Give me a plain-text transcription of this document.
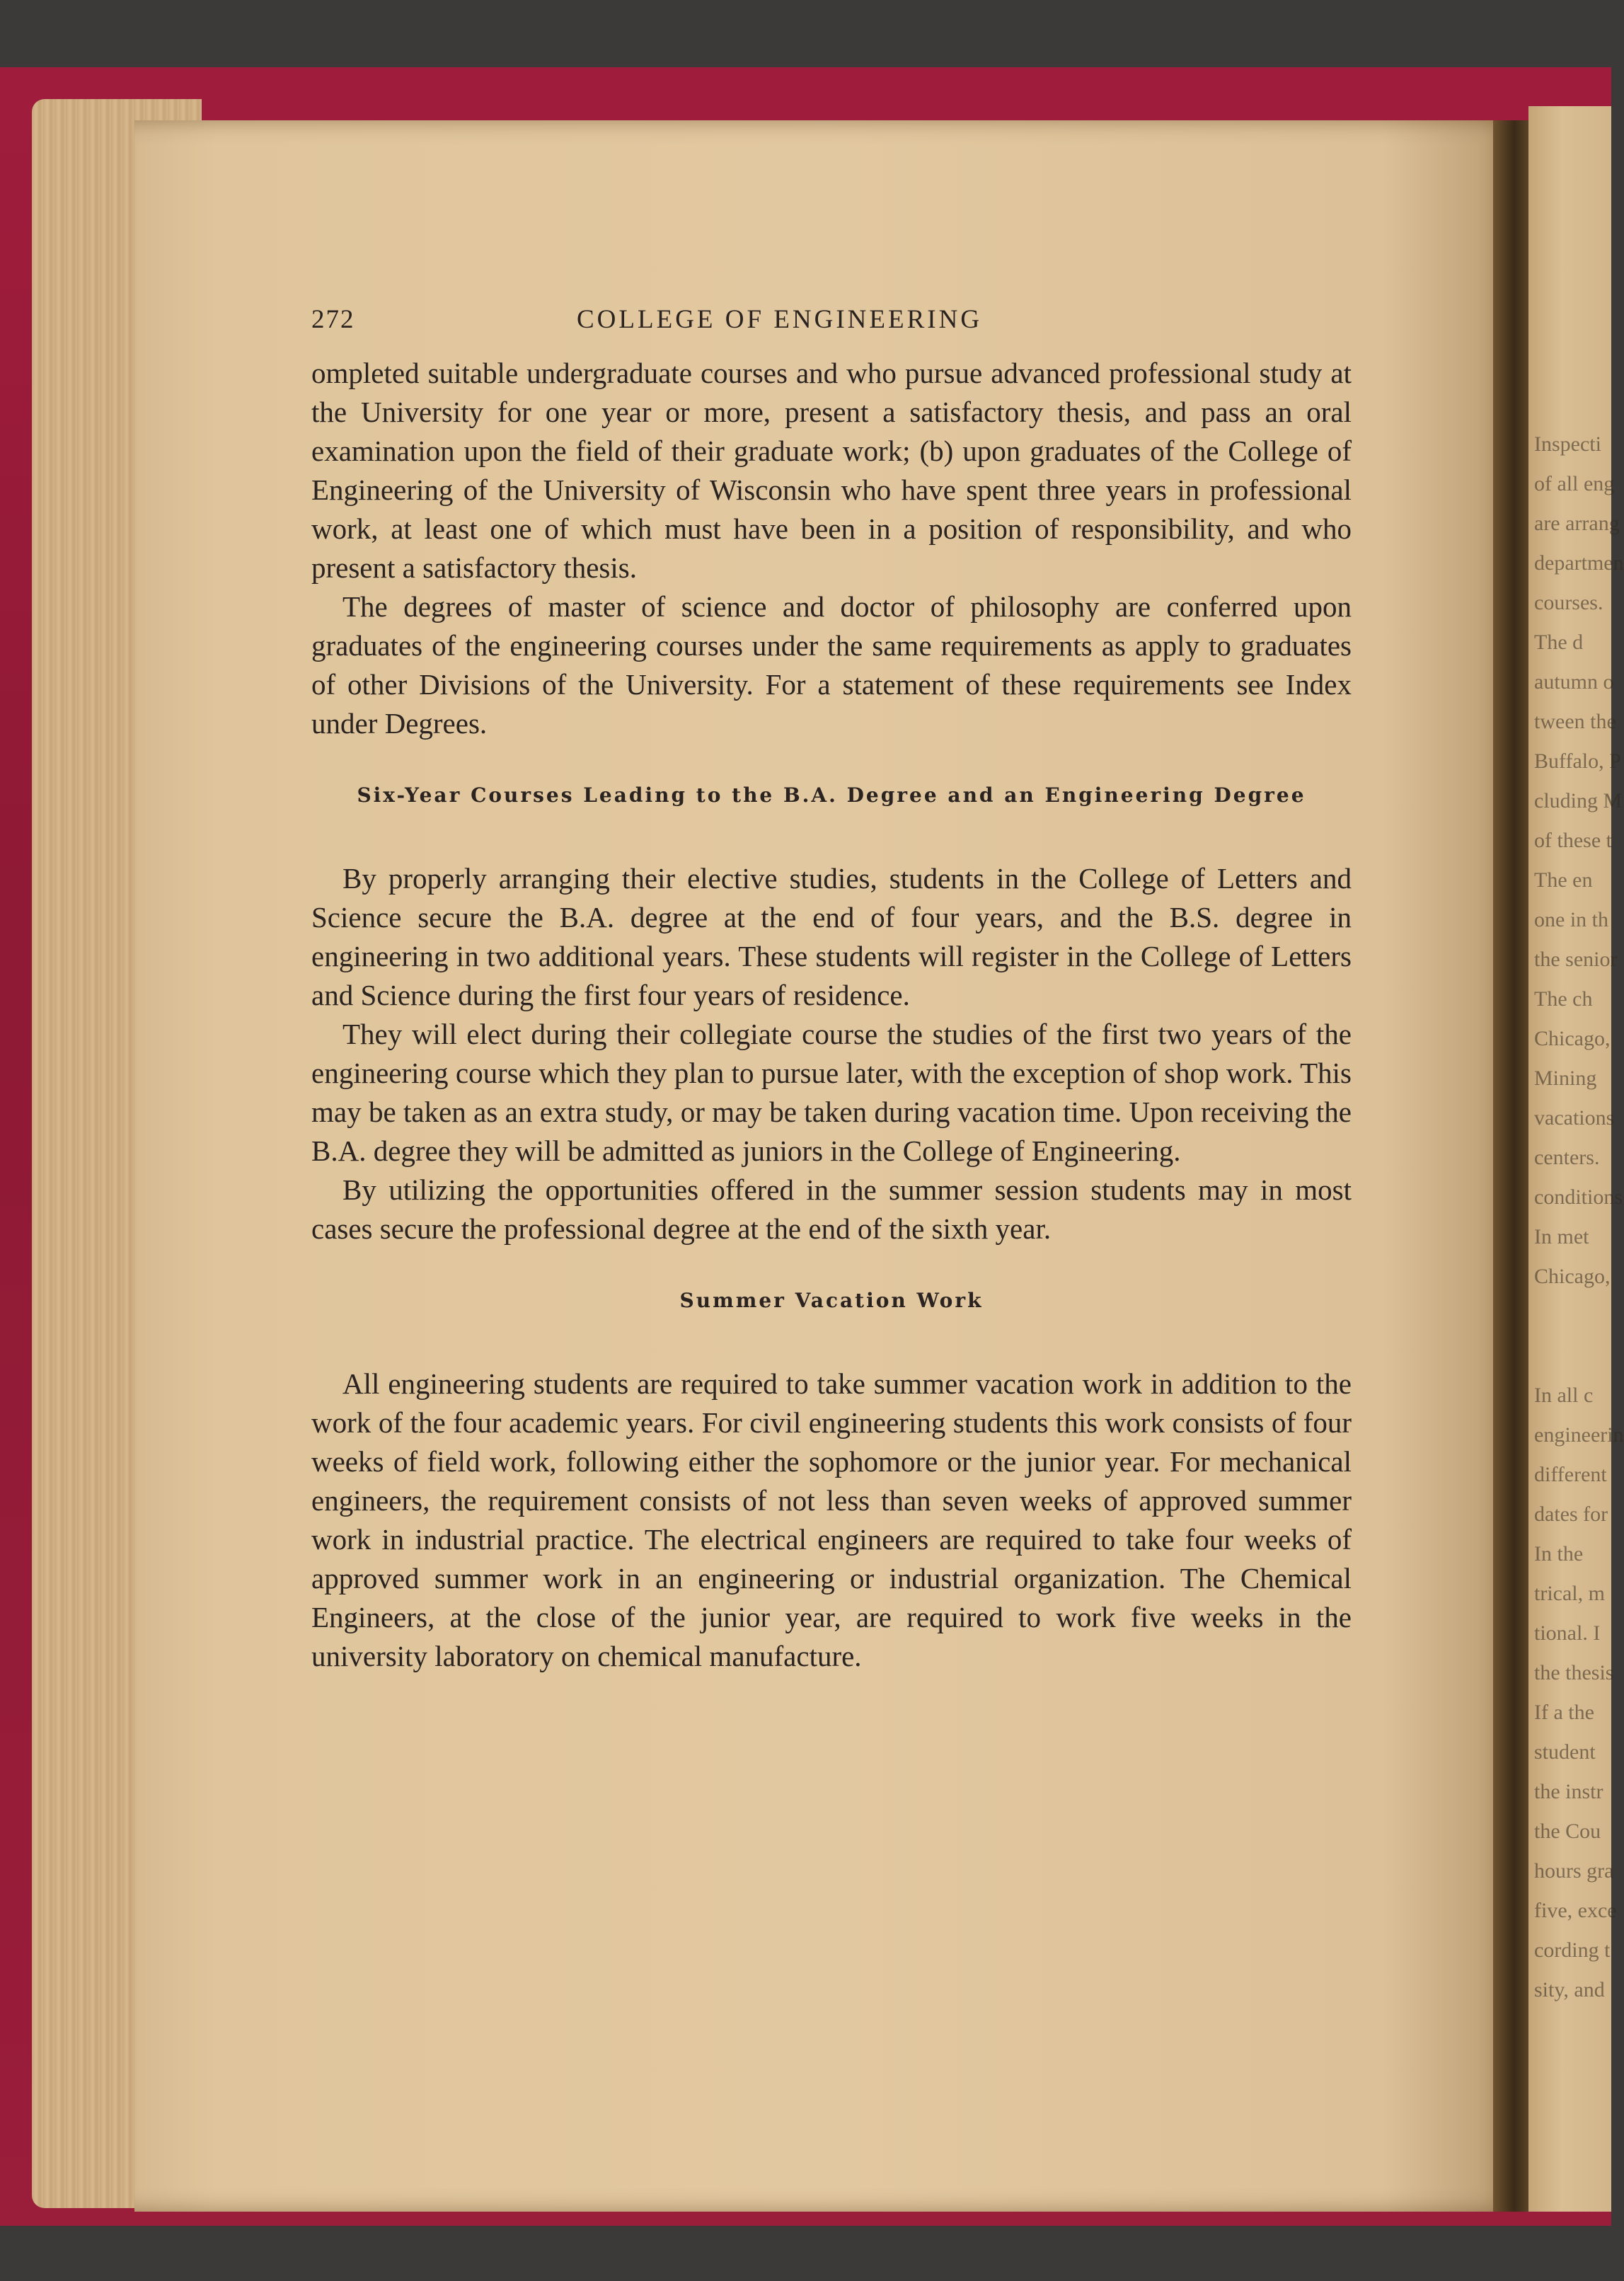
Inspecti
of all eng
are arrang
departmen
courses.
The d
autumn o
tween the
Buffalo, P
cluding M
of these t
The en
one in th
the senior
The ch
Chicago,
Mining
vacations
centers.
conditions
In met
Chicago,

In all c
engineerin
different
dates for
In the
trical, m
tional. I
the thesis
If a the
student
the instr
the Cou
hours gra
five, exce
cording t
sity, and
272	COLLEGE OF ENGINEERING

ompleted suitable undergraduate courses and who pursue advanced professional study at the University for one year or more, present a satisfactory thesis, and pass an oral examination upon the field of their graduate work; (b) upon graduates of the College of Engineering of the University of Wisconsin who have spent three years in professional work, at least one of which must have been in a position of responsibility, and who present a satisfactory thesis.

The degrees of master of science and doctor of philosophy are conferred upon graduates of the engineering courses under the same requirements as apply to graduates of other Divisions of the University. For a statement of these requirements see Index under Degrees.

Six-Year Courses Leading to the B.A. Degree and an Engineering Degree

By properly arranging their elective studies, students in the College of Letters and Science secure the B.A. degree at the end of four years, and the B.S. degree in engineering in two additional years. These students will register in the College of Letters and Science during the first four years of residence.

They will elect during their collegiate course the studies of the first two years of the engineering course which they plan to pursue later, with the exception of shop work. This may be taken as an extra study, or may be taken during vacation time. Upon receiving the B.A. degree they will be admitted as juniors in the College of Engineering.

By utilizing the opportunities offered in the summer session students may in most cases secure the professional degree at the end of the sixth year.

Summer Vacation Work

All engineering students are required to take summer vacation work in addition to the work of the four academic years. For civil engineering students this work consists of four weeks of field work, following either the sophomore or the junior year. For mechanical engineers, the requirement consists of not less than seven weeks of approved summer work in industrial practice. The electrical engineers are required to take four weeks of approved summer work in an engineering or industrial organization. The Chemical Engineers, at the close of the junior year, are required to work five weeks in the university laboratory on chemical manufacture.
